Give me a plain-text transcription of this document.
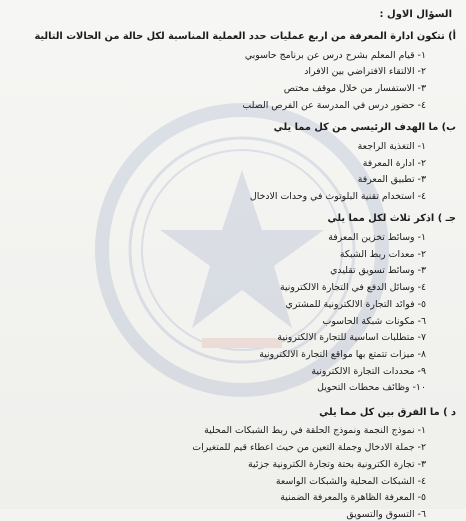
السؤال الاول :
أ) تتكون ادارة المعرفة من اربع عمليات حدد العملية المناسبة لكل حالة من الحالات التالية
١- قيام المعلم بشرح درس عن برنامج حاسوبي
٢- الالتقاء الافتراضي بين الافراد
٣- الاستفسار من خلال موقف مختص
٤- حضور درس في المدرسة عن الفرص الصلب
ب) ما الهدف الرئيسي من كل مما يلي
١- التغذية الراجعة
٢- ادارة المعرفة
٣- تطبيق المعرفة
٤- استخدام تقنية البلوتوث في وحدات الادخال
جـ ) اذكر ثلاث لكل مما يلي
١- وسائط تخزين المعرفة
٢- معدات ربط الشبكة
٣- وسائط تسويق تقليدي
٤- وسائل الدفع في التجارة الالكترونية
٥- فوائد التجارة الالكترونية للمشتري
٦- مكونات شبكة الحاسوب
٧- متطلبات اساسية للتجارة الالكترونية
٨- ميزات تتمتع بها مواقع التجارة الالكترونية
٩- محددات التجارة الالكترونية
١٠- وظائف محطات التحويل
د ) ما الفرق بين كل مما يلي
١- نموذج النجمة ونموذج الحلقة في ربط الشبكات المحلية
٢- جملة الادخال وجملة التعين من حيث اعطاء قيم للمتغيرات
٣- تجارة الكترونية بحتة وتجارة الكترونية جزئية
٤- الشبكات المحلية والشبكات الواسعة
٥- المعرفة الظاهرة والمعرفة الضمنية
٦- التسوق والتسويق
